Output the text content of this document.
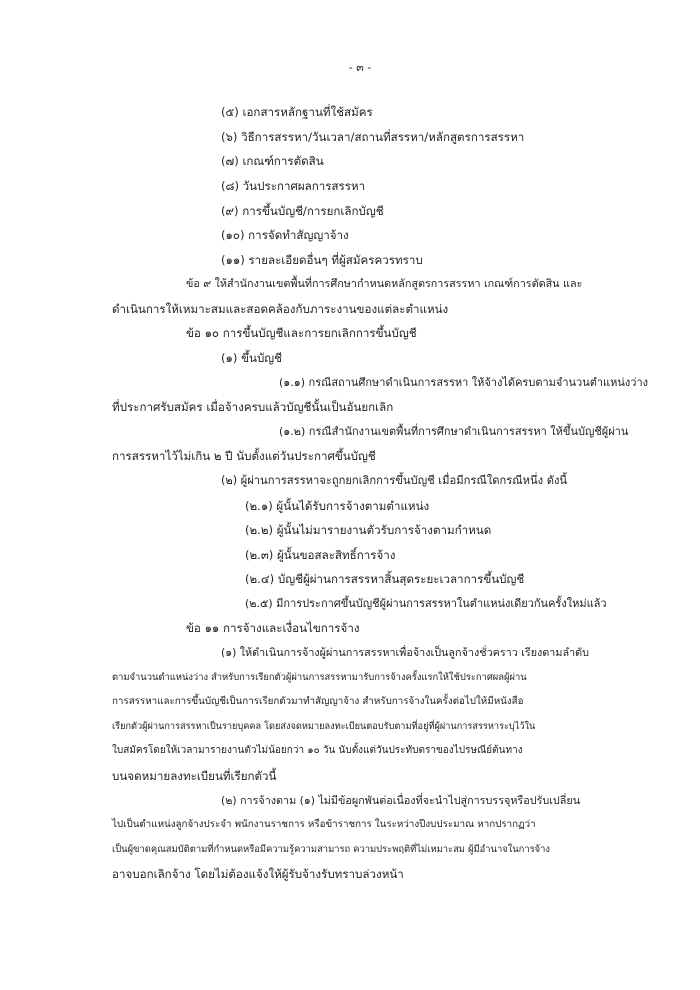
- ๓ -
(๕) เอกสารหลักฐานที่ใช้สมัคร
(๖) วิธีการสรรหา/วันเวลา/สถานที่สรรหา/หลักสูตรการสรรหา
(๗) เกณฑ์การตัดสิน
(๘) วันประกาศผลการสรรหา
(๙) การขึ้นบัญชี/การยกเลิกบัญชี
(๑๐) การจัดทำสัญญาจ้าง
(๑๑) รายละเอียดอื่นๆ ที่ผู้สมัครควรทราบ
ข้อ ๙ ให้สำนักงานเขตพื้นที่การศึกษากำหนดหลักสูตรการสรรหา เกณฑ์การตัดสิน และ
ดำเนินการให้เหมาะสมและสอดคล้องกับภาระงานของแต่ละตำแหน่ง
ข้อ ๑๐ การขึ้นบัญชีและการยกเลิกการขึ้นบัญชี
(๑) ขึ้นบัญชี
(๑.๑) กรณีสถานศึกษาดำเนินการสรรหา ให้จ้างได้ครบตามจำนวนตำแหน่งว่าง
ที่ประกาศรับสมัคร เมื่อจ้างครบแล้วบัญชีนั้นเป็นอันยกเลิก
(๑.๒) กรณีสำนักงานเขตพื้นที่การศึกษาดำเนินการสรรหา ให้ขึ้นบัญชีผู้ผ่าน
การสรรหาไว้ไม่เกิน ๒ ปี นับตั้งแต่วันประกาศขึ้นบัญชี
(๒) ผู้ผ่านการสรรหาจะถูกยกเลิกการขึ้นบัญชี เมื่อมีกรณีใดกรณีหนึ่ง ดังนี้
(๒.๑) ผู้นั้นได้รับการจ้างตามตำแหน่ง
(๒.๒) ผู้นั้นไม่มารายงานตัวรับการจ้างตามกำหนด
(๒.๓) ผู้นั้นขอสละสิทธิ์การจ้าง
(๒.๔) บัญชีผู้ผ่านการสรรหาสิ้นสุดระยะเวลาการขึ้นบัญชี
(๒.๕) มีการประกาศขึ้นบัญชีผู้ผ่านการสรรหาในตำแหน่งเดียวกันครั้งใหม่แล้ว
ข้อ ๑๑ การจ้างและเงื่อนไขการจ้าง
(๑) ให้ดำเนินการจ้างผู้ผ่านการสรรหาเพื่อจ้างเป็นลูกจ้างชั่วคราว เรียงตามลำดับ
ตามจำนวนตำแหน่งว่าง สำหรับการเรียกตัวผู้ผ่านการสรรหามารับการจ้างครั้งแรกให้ใช้ประกาศผลผู้ผ่าน
การสรรหาและการขึ้นบัญชีเป็นการเรียกตัวมาทำสัญญาจ้าง สำหรับการจ้างในครั้งต่อไปให้มีหนังสือ
เรียกตัวผู้ผ่านการสรรหาเป็นรายบุคคล โดยส่งจดหมายลงทะเบียนตอบรับตามที่อยู่ที่ผู้ผ่านการสรรหาระบุไว้ใน
ใบสมัครโดยให้เวลามารายงานตัวไม่น้อยกว่า ๑๐ วัน นับตั้งแต่วันประทับตราของไปรษณีย์ต้นทาง
บนจดหมายลงทะเบียนที่เรียกตัวนี้
(๒) การจ้างตาม (๑) ไม่มีข้อผูกพันต่อเนื่องที่จะนำไปสู่การบรรจุหรือปรับเปลี่ยน
ไปเป็นตำแหน่งลูกจ้างประจำ พนักงานราชการ หรือข้าราชการ ในระหว่างปีงบประมาณ หากปรากฏว่า
เป็นผู้ขาดคุณสมบัติตามที่กำหนดหรือมีความรู้ความสามารถ ความประพฤติที่ไม่เหมาะสม ผู้มีอำนาจในการจ้าง
อาจบอกเลิกจ้าง โดยไม่ต้องแจ้งให้ผู้รับจ้างรับทราบล่วงหน้า
